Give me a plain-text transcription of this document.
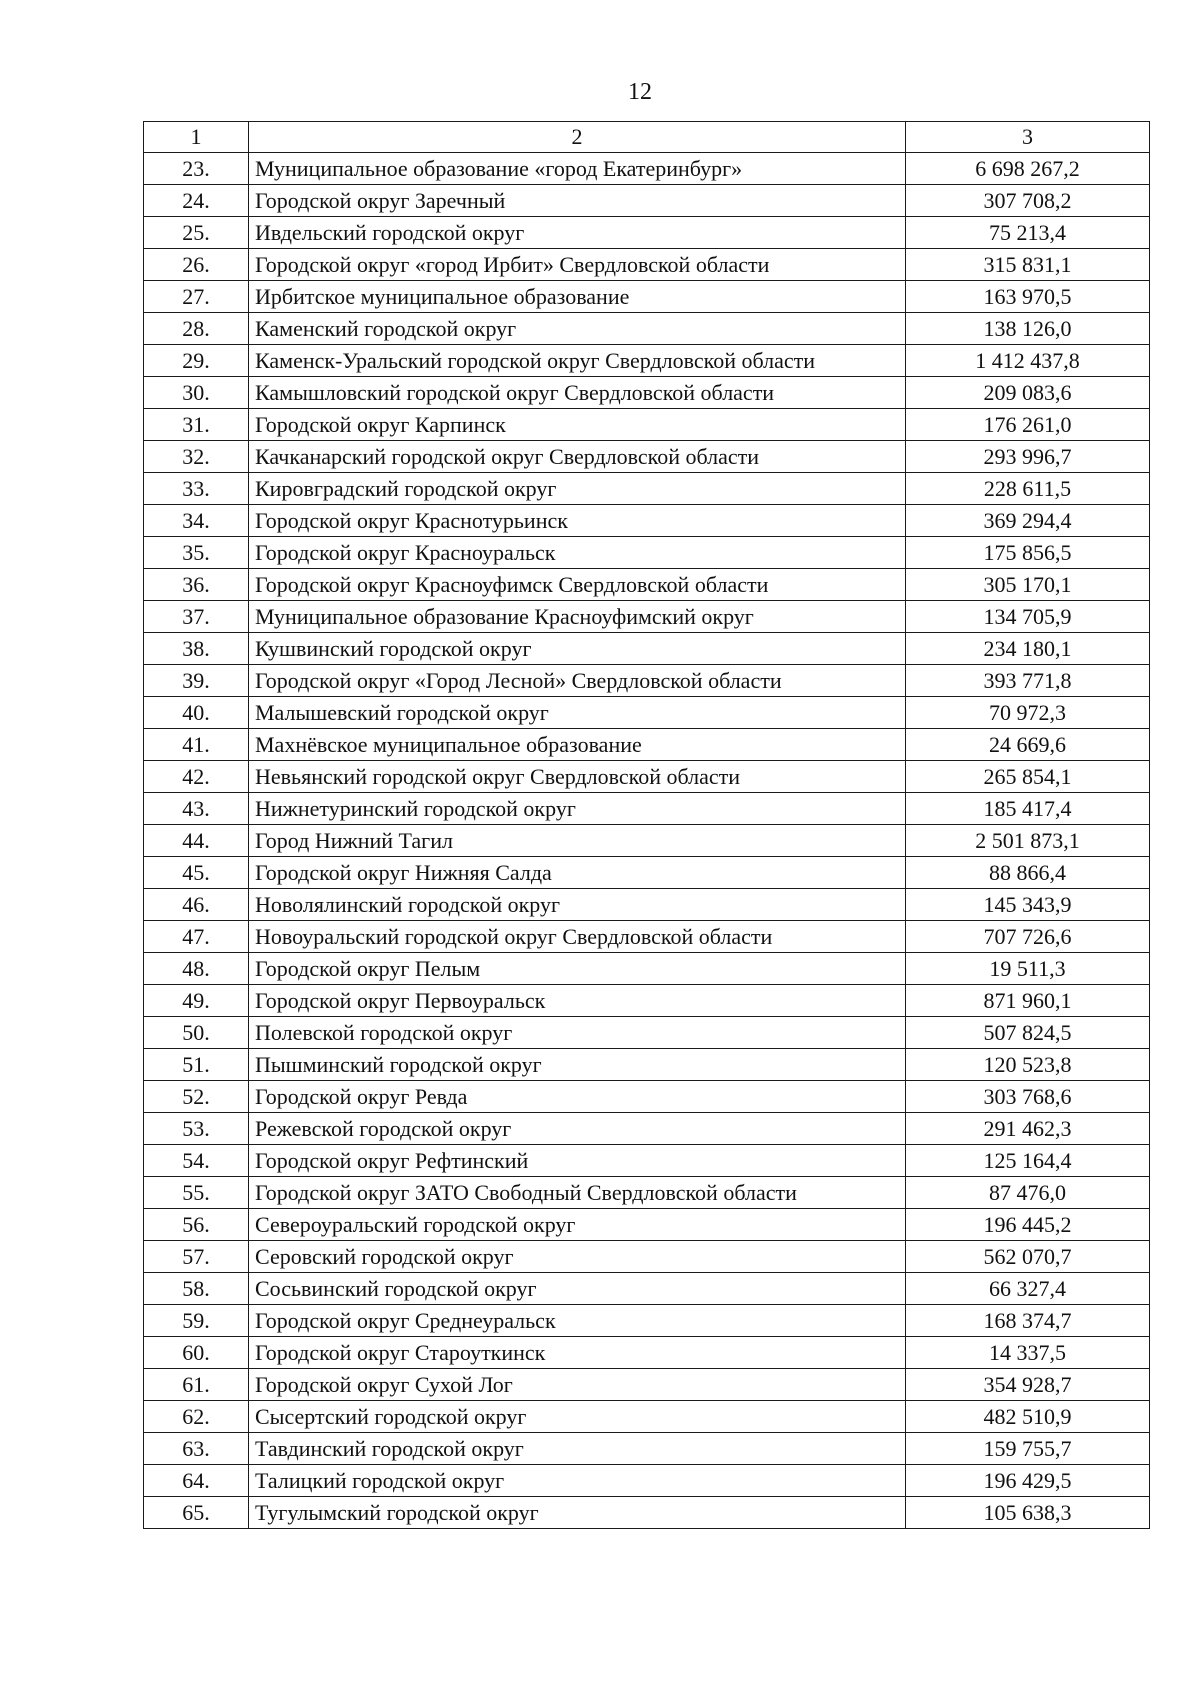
12
1	2	3
23.	Муниципальное образование «город Екатеринбург»	6 698 267,2
24.	Городской округ Заречный	307 708,2
25.	Ивдельский городской округ	75 213,4
26.	Городской округ «город Ирбит» Свердловской области	315 831,1
27.	Ирбитское муниципальное образование	163 970,5
28.	Каменский городской округ	138 126,0
29.	Каменск-Уральский городской округ Свердловской области	1 412 437,8
30.	Камышловский городской округ Свердловской области	209 083,6
31.	Городской округ Карпинск	176 261,0
32.	Качканарский городской округ Свердловской области	293 996,7
33.	Кировградский городской округ	228 611,5
34.	Городской округ Краснотурьинск	369 294,4
35.	Городской округ Красноуральск	175 856,5
36.	Городской округ Красноуфимск Свердловской области	305 170,1
37.	Муниципальное образование Красноуфимский округ	134 705,9
38.	Кушвинский городской округ	234 180,1
39.	Городской округ «Город Лесной» Свердловской области	393 771,8
40.	Малышевский городской округ	70 972,3
41.	Махнёвское муниципальное образование	24 669,6
42.	Невьянский городской округ Свердловской области	265 854,1
43.	Нижнетуринский городской округ	185 417,4
44.	Город Нижний Тагил	2 501 873,1
45.	Городской округ Нижняя Салда	88 866,4
46.	Новолялинский городской округ	145 343,9
47.	Новоуральский городской округ Свердловской области	707 726,6
48.	Городской округ Пелым	19 511,3
49.	Городской округ Первоуральск	871 960,1
50.	Полевской городской округ	507 824,5
51.	Пышминский городской округ	120 523,8
52.	Городской округ Ревда	303 768,6
53.	Режевской городской округ	291 462,3
54.	Городской округ Рефтинский	125 164,4
55.	Городской округ ЗАТО Свободный Свердловской области	87 476,0
56.	Североуральский городской округ	196 445,2
57.	Серовский городской округ	562 070,7
58.	Сосьвинский городской округ	66 327,4
59.	Городской округ Среднеуральск	168 374,7
60.	Городской округ Староуткинск	14 337,5
61.	Городской округ Сухой Лог	354 928,7
62.	Сысертский городской округ	482 510,9
63.	Тавдинский городской округ	159 755,7
64.	Талицкий городской округ	196 429,5
65.	Тугулымский городской округ	105 638,3
